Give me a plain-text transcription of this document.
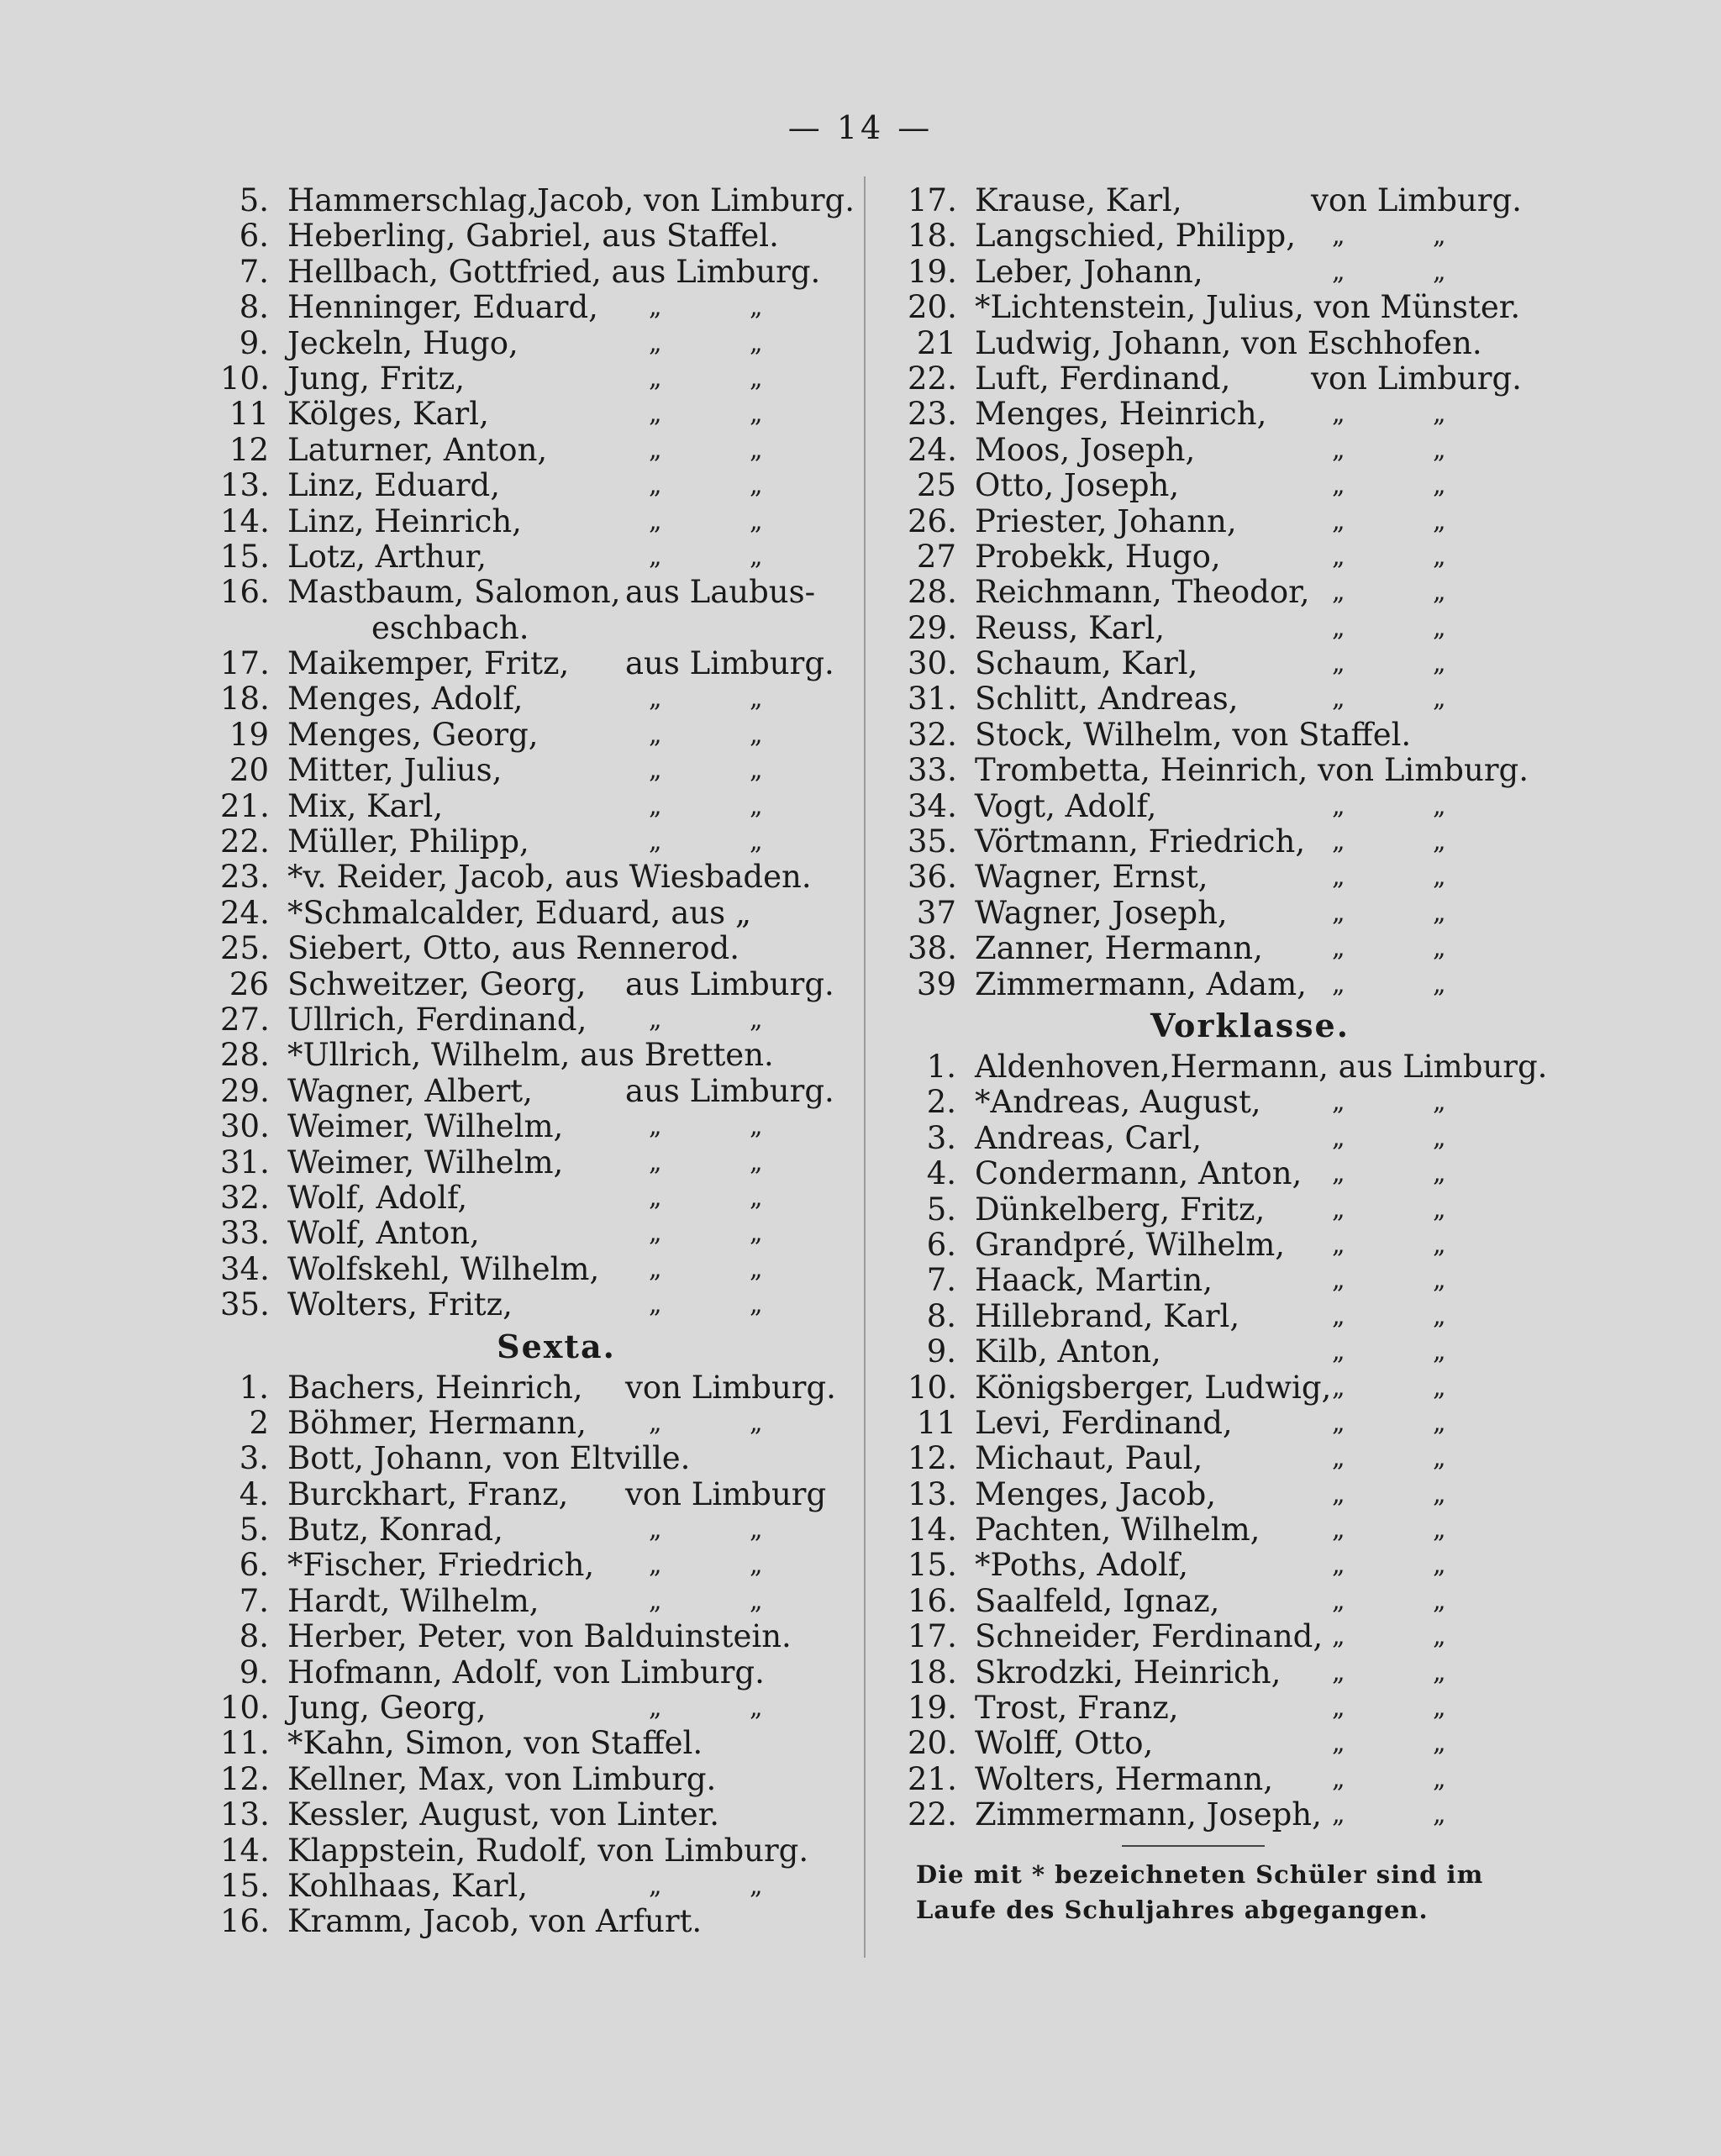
— 14 —
5. Hammerschlag,Jacob, von Limburg.
6. Heberling, Gabriel, aus Staffel.
7. Hellbach, Gottfried, aus Limburg.
8. Henninger, Eduard, „	„
9. Jeckeln, Hugo,	„	„
10. Jung, Fritz,	„	„
11 Kölges, Karl,	„	„
12 Laturner, Anton,	„	„
13. Linz, Eduard,	„	„
14. Linz, Heinrich,	„	„
15. Lotz, Arthur,	„	„
16. Mastbaum, Salomon, aus Laubus-
eschbach.
17. Maikemper, Fritz, aus Limburg.
18. Menges, Adolf,	„	„
19 Menges, Georg,	„	„
20 Mitter, Julius,	„	„
21. Mix, Karl,	„	„
22. Müller, Philipp,	„	„
23. *v. Reider, Jacob, aus Wiesbaden.
24. *Schmalcalder, Eduard, aus „
25. Siebert, Otto, aus Rennerod.
26 Schweitzer, Georg, aus Limburg.
27. Ullrich, Ferdinand, „	„
28. *Ullrich, Wilhelm, aus Bretten.
29. Wagner, Albert,	aus Limburg.
30. Weimer, Wilhelm,	„	„
31. Weimer, Wilhelm,	„	„
32. Wolf, Adolf,	„	„
33. Wolf, Anton,	„	„
34. Wolfskehl, Wilhelm, „	„
35. Wolters, Fritz,	„	„
Sexta.
1. Bachers, Heinrich, von Limburg.
2 Böhmer, Hermann, „	„
3. Bott, Johann, von Eltville.
4. Burckhart, Franz, von Limburg
5. Butz, Konrad,	„	„
6. *Fischer, Friedrich, „	„
7. Hardt, Wilhelm,	„	„
8. Herber, Peter, von Balduinstein.
9. Hofmann, Adolf, von Limburg.
10. Jung, Georg,	„	„
11. *Kahn, Simon, von Staffel.
12. Kellner, Max, von Limburg.
13. Kessler, August, von Linter.
14. Klappstein, Rudolf, von Limburg.
15. Kohlhaas, Karl,	„	„
16. Kramm, Jacob, von Arfurt.
17. Krause, Karl,	von Limburg.
18. Langschied, Philipp, „	„
19. Leber, Johann,	„	„
20. *Lichtenstein, Julius, von Münster.
21 Ludwig, Johann, von Eschhofen.
22. Luft, Ferdinand,	von Limburg.
23. Menges, Heinrich,	„	„
24. Moos, Joseph,	„	„
25 Otto, Joseph,	„	„
26. Priester, Johann,	„	„
27 Probekk, Hugo,	„	„
28. Reichmann, Theodor, „	„
29. Reuss, Karl,	„	„
30. Schaum, Karl,	„	„
31. Schlitt, Andreas,	„	„
32. Stock, Wilhelm, von Staffel.
33. Trombetta, Heinrich, von Limburg.
34. Vogt, Adolf,	„	„
35. Vörtmann, Friedrich, „	„
36. Wagner, Ernst,	„	„
37 Wagner, Joseph,	„	„
38. Zanner, Hermann,	„	„
39 Zimmermann, Adam, „	„
Vorklasse.
1. Aldenhoven,Hermann, aus Limburg.
2. *Andreas, August,	„	„
3. Andreas, Carl,	„	„
4. Condermann, Anton, „	„
5. Dünkelberg, Fritz,	„	„
6. Grandpré, Wilhelm, „	„
7. Haack, Martin,	„	„
8. Hillebrand, Karl,	„	„
9. Kilb, Anton,	„	„
10. Königsberger, Ludwig, „	„
11 Levi, Ferdinand,	„	„
12. Michaut, Paul,	„	„
13. Menges, Jacob,	„	„
14. Pachten, Wilhelm,	„	„
15. *Poths, Adolf,	„	„
16. Saalfeld, Ignaz,	„	„
17. Schneider, Ferdinand, „	„
18. Skrodzki, Heinrich, „	„
19. Trost, Franz,	„	„
20. Wolff, Otto,	„	„
21. Wolters, Hermann, „	„
22. Zimmermann, Joseph, „	„
Die mit * bezeichneten Schüler sind im
Laufe des Schuljahres abgegangen.
